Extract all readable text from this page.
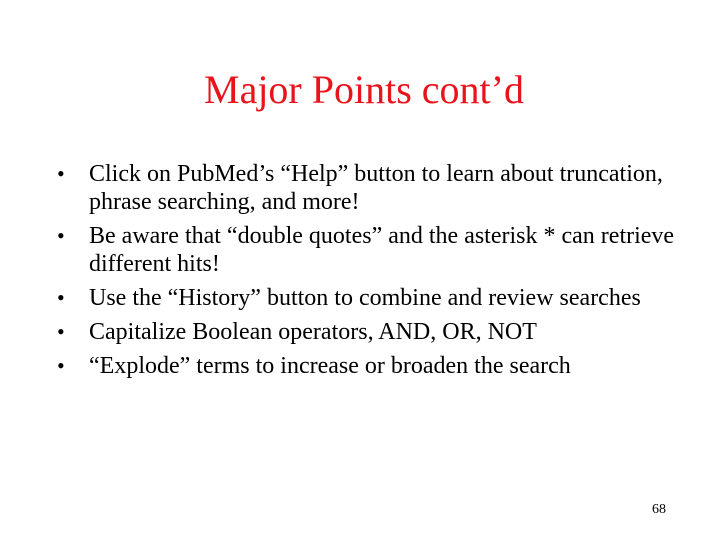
Major Points cont’d
•	Click on PubMed’s “Help” button to learn about truncation, phrase searching, and more!
•	Be aware that “double quotes” and the asterisk * can retrieve different hits!
•	Use the “History” button to combine and review searches
•	Capitalize Boolean operators, AND, OR, NOT
•	“Explode” terms to increase or broaden the search
68
